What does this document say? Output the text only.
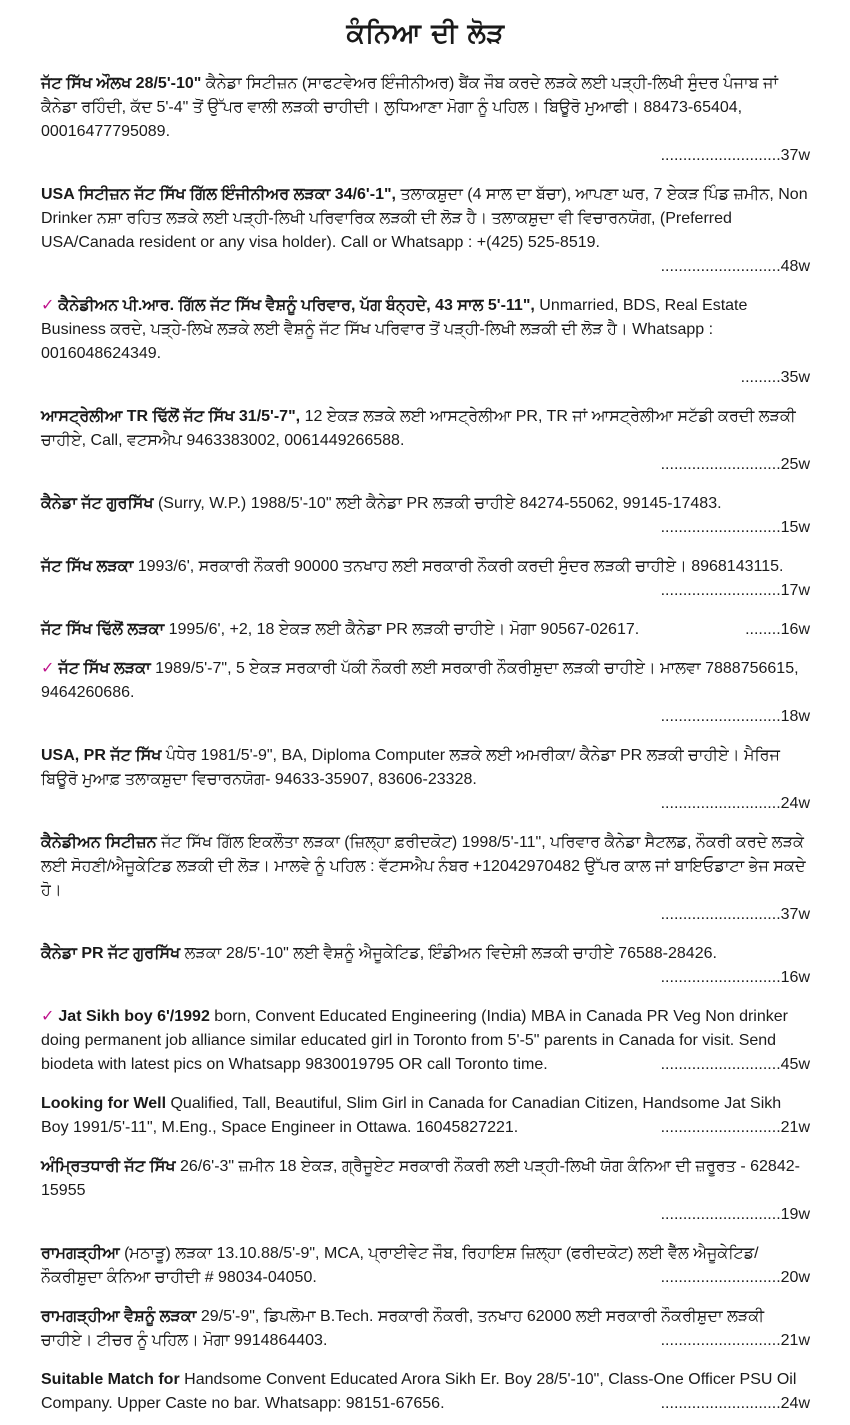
ਕੰਨਿਆ ਦੀ ਲੋੜ
ਜੱਟ ਸਿੱਖ ਔਲਖ 28/5'-10" ਕੈਨੇਡਾ ਸਿਟੀਜ਼ਨ (ਸਾਫਟਵੇਅਰ ਇੰਜੀਨੀਅਰ) ਬੈਂਕ ਜੌਬ ਕਰਦੇ ਲੜਕੇ ਲਈ ਪੜ੍ਹੀ-ਲਿਖੀ ਸੁੰਦਰ ਪੰਜਾਬ ਜਾਂ ਕੈਨੇਡਾ ਰਹਿੰਦੀ, ਕੱਦ 5'-4" ਤੋਂ ਉੱਪਰ ਵਾਲੀ ਲੜਕੀ ਚਾਹੀਦੀ। ਲੁਧਿਆਣਾ ਮੋਗਾ ਨੂੰ ਪਹਿਲ। ਬਿਊਰੋ ਮੁਆਫੀ। 88473-65404, 00016477795089.
........................... 37w
USA ਸਿਟੀਜ਼ਨ ਜੱਟ ਸਿੱਖ ਗਿੱਲ ਇੰਜੀਨੀਅਰ ਲੜਕਾ 34/6'-1", ਤਲਾਕਸ਼ੁਦਾ (4 ਸਾਲ ਦਾ ਬੱਚਾ), ਆਪਣਾ ਘਰ, 7 ਏਕੜ ਪਿੰਡ ਜ਼ਮੀਨ, Non Drinker ਨਸ਼ਾ ਰਹਿਤ ਲੜਕੇ ਲਈ ਪੜ੍ਹੀ-ਲਿਖੀ ਪਰਿਵਾਰਿਕ ਲੜਕੀ ਦੀ ਲੋੜ ਹੈ। ਤਲਾਕਸ਼ੁਦਾ ਵੀ ਵਿਚਾਰਨਯੋਗ, (Preferred USA/Canada resident or any visa holder). Call or Whatsapp : +(425) 525-8519.
........................... 48w
✓ ਕੈਨੇਡੀਅਨ ਪੀ.ਆਰ. ਗਿੱਲ ਜੱਟ ਸਿੱਖ ਵੈਸ਼ਨੂੰ ਪਰਿਵਾਰ, ਪੱਗ ਬੰਨ੍ਹਦੇ, 43 ਸਾਲ 5'-11", Unmarried, BDS, Real Estate Business ਕਰਦੇ, ਪੜ੍ਹੇ-ਲਿਖੇ ਲੜਕੇ ਲਈ ਵੈਸ਼ਨੂੰ ਜੱਟ ਸਿੱਖ ਪਰਿਵਾਰ ਤੋਂ ਪੜ੍ਹੀ-ਲਿਖੀ ਲੜਕੀ ਦੀ ਲੋੜ ਹੈ। Whatsapp : 0016048624349.
......... 35w
ਆਸਟ੍ਰੇਲੀਆ TR ਢਿੱਲੋਂ ਜੱਟ ਸਿੱਖ 31/5'-7", 12 ਏਕੜ ਲੜਕੇ ਲਈ ਆਸਟ੍ਰੇਲੀਆ PR, TR ਜਾਂ ਆਸਟ੍ਰੇਲੀਆ ਸਟੱਡੀ ਕਰਦੀ ਲੜਕੀ ਚਾਹੀਏ, Call, ਵਟਸਐਪ 9463383002, 0061449266588.
........................... 25w
ਕੈਨੇਡਾ ਜੱਟ ਗੁਰਸਿੱਖ (Surry, W.P.) 1988/5'-10" ਲਈ ਕੈਨੇਡਾ PR ਲੜਕੀ ਚਾਹੀਏ 84274-55062, 99145-17483.
........................... 15w
ਜੱਟ ਸਿੱਖ ਲੜਕਾ 1993/6', ਸਰਕਾਰੀ ਨੌਕਰੀ 90000 ਤਨਖਾਹ ਲਈ ਸਰਕਾਰੀ ਨੌਕਰੀ ਕਰਦੀ ਸੁੰਦਰ ਲੜਕੀ ਚਾਹੀਏ। 8968143115.
........................... 17w
ਜੱਟ ਸਿੱਖ ਢਿੱਲੋਂ ਲੜਕਾ 1995/6', +2, 18 ਏਕੜ ਲਈ ਕੈਨੇਡਾ PR ਲੜਕੀ ਚਾਹੀਏ। ਮੋਗਾ 90567-02617.	........16w
✓ ਜੱਟ ਸਿੱਖ ਲੜਕਾ 1989/5'-7", 5 ਏਕੜ ਸਰਕਾਰੀ ਪੱਕੀ ਨੌਕਰੀ ਲਈ ਸਰਕਾਰੀ ਨੌਕਰੀਸ਼ੁਦਾ ਲੜਕੀ ਚਾਹੀਏ। ਮਾਲਵਾ 7888756615, 9464260686.
........................... 18w
USA, PR ਜੱਟ ਸਿੱਖ ਪੰਧੇਰ 1981/5'-9", BA, Diploma Computer ਲੜਕੇ ਲਈ ਅਮਰੀਕਾ/ ਕੈਨੇਡਾ PR ਲੜਕੀ ਚਾਹੀਏ। ਮੈਰਿਜ ਬਿਊਰੋ ਮੁਆਫ਼ ਤਲਾਕਸ਼ੁਦਾ ਵਿਚਾਰਨਯੋਗ- 94633-35907, 83606-23328.
........................... 24w
ਕੈਨੇਡੀਅਨ ਸਿਟੀਜ਼ਨ ਜੱਟ ਸਿੱਖ ਗਿੱਲ ਇਕਲੌਤਾ ਲੜਕਾ (ਜ਼ਿਲ੍ਹਾ ਫ਼ਰੀਦਕੋਟ) 1998/5'-11", ਪਰਿਵਾਰ ਕੈਨੇਡਾ ਸੈਟਲਡ, ਨੌਕਰੀ ਕਰਦੇ ਲੜਕੇ ਲਈ ਸੋਹਣੀ/ਐਜੂਕੇਟਿਡ ਲੜਕੀ ਦੀ ਲੋੜ। ਮਾਲਵੇ ਨੂੰ ਪਹਿਲ : ਵੱਟਸਐਪ ਨੰਬਰ +12042970482 ਉੱਪਰ ਕਾਲ ਜਾਂ ਬਾਇਓਡਾਟਾ ਭੇਜ ਸਕਦੇ ਹੋ।
........................... 37w
ਕੈਨੇਡਾ PR ਜੱਟ ਗੁਰਸਿੱਖ ਲੜਕਾ 28/5'-10" ਲਈ ਵੈਸ਼ਨੂੰ ਐਜੂਕੇਟਿਡ, ਇੰਡੀਅਨ ਵਿਦੇਸ਼ੀ ਲੜਕੀ ਚਾਹੀਏ 76588-28426.
........................... 16w
✓ Jat Sikh boy 6'/1992 born, Convent Educated Engineering (India) MBA in Canada PR Veg Non drinker doing permanent job alliance similar educated girl in Toronto from 5'-5" parents in Canada for visit. Send biodeta with latest pics on Whatsapp 9830019795 OR call Toronto time.	...........................45w
Looking for Well Qualified, Tall, Beautiful, Slim Girl in Canada for Canadian Citizen, Handsome Jat Sikh Boy 1991/5'-11", M.Eng., Space Engineer in Ottawa. 16045827221.	...........................21w
ਅੰਮ੍ਰਿਤਧਾਰੀ ਜੱਟ ਸਿੱਖ 26/6'-3" ਜ਼ਮੀਨ 18 ਏਕੜ, ਗ੍ਰੈਜੂਏਟ ਸਰਕਾਰੀ ਨੌਕਰੀ ਲਈ ਪੜ੍ਹੀ-ਲਿਖੀ ਯੋਗ ਕੰਨਿਆ ਦੀ ਜ਼ਰੂਰਤ - 62842-15955
........................... 19w
ਰਾਮਗੜ੍ਹੀਆ (ਮਠਾੜੂ) ਲੜਕਾ 13.10.88/5'-9", MCA, ਪ੍ਰਾਈਵੇਟ ਜੌਬ, ਰਿਹਾਇਸ਼ ਜ਼ਿਲ੍ਹਾ (ਫਰੀਦਕੋਟ) ਲਈ ਵੈੱਲ ਐਜੂਕੇਟਿਡ/ਨੌਕਰੀਸ਼ੁਦਾ ਕੰਨਿਆ ਚਾਹੀਦੀ # 98034-04050.	...........................20w
ਰਾਮਗੜ੍ਹੀਆ ਵੈਸ਼ਨੂੰ ਲੜਕਾ 29/5'-9", ਡਿਪਲੋਮਾ B.Tech. ਸਰਕਾਰੀ ਨੌਕਰੀ, ਤਨਖਾਹ 62000 ਲਈ ਸਰਕਾਰੀ ਨੌਕਰੀਸ਼ੁਦਾ ਲੜਕੀ ਚਾਹੀਏ। ਟੀਚਰ ਨੂੰ ਪਹਿਲ। ਮੋਗਾ 9914864403.	...........................21w
Suitable Match for Handsome Convent Educated Arora Sikh Er. Boy 28/5'-10", Class-One Officer PSU Oil Company. Upper Caste no bar. Whatsapp: 98151-67656.	...........................24w
